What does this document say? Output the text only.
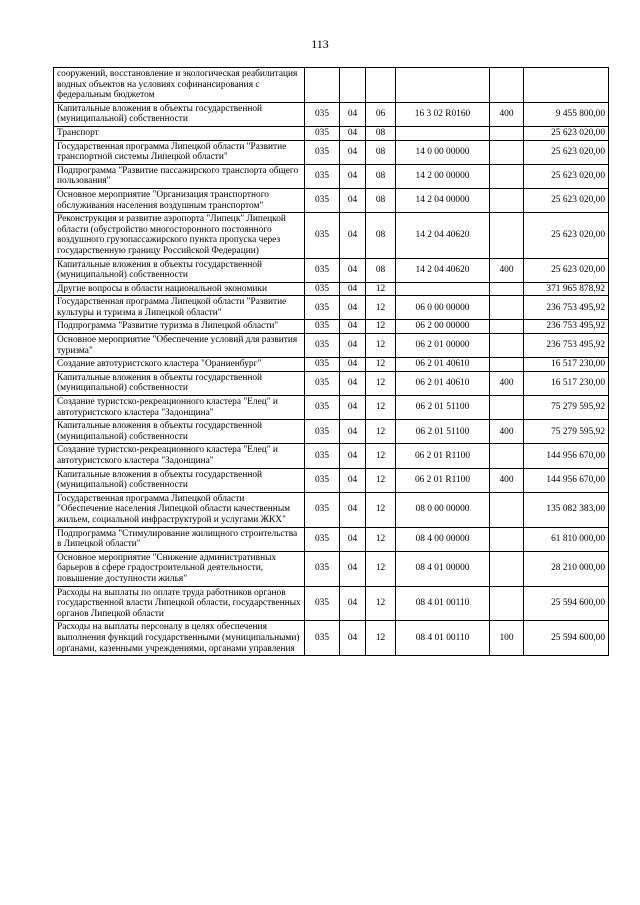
113
сооружений, восстановление и экологическая реабилитация водных объектов на условиях софинансирования с федеральным бюджетом						
Капитальные вложения в объекты государственной (муниципальной) собственности	035	04	06	16 3 02 R0160	400	9 455 800,00
Транспорт	035	04	08			25 623 020,00
Государственная программа Липецкой области "Развитие транспортной системы Липецкой области"	035	04	08	14 0 00 00000		25 623 020,00
Подпрограмма "Развитие пассажирского транспорта общего пользования"	035	04	08	14 2 00 00000		25 623 020,00
Основное мероприятие "Организация транспортного обслуживания населения воздушным транспортом"	035	04	08	14 2 04 00000		25 623 020,00
Реконструкция и развитие аэропорта "Липецк" Липецкой области (обустройство многосторонного постоянного воздушного грузопассажирского пункта пропуска через государственную границу Российской Федерации)	035	04	08	14 2 04 40620		25 623 020,00
Капитальные вложения в объекты государственной (муниципальной) собственности	035	04	08	14 2 04 40620	400	25 623 020,00
Другие вопросы в области национальной экономики	035	04	12			371 965 878,92
Государственная программа Липецкой области "Развитие культуры и туризма в Липецкой области"	035	04	12	06 0 00 00000		236 753 495,92
Подпрограмма "Развитие туризма в Липецкой области"	035	04	12	06 2 00 00000		236 753 495,92
Основное мероприятие "Обеспечение условий для развития туризма"	035	04	12	06 2 01 00000		236 753 495,92
Создание автотуристского кластера "Ораниенбург"	035	04	12	06 2 01 40610		16 517 230,00
Капитальные вложения в объекты государственной (муниципальной) собственности	035	04	12	06 2 01 40610	400	16 517 230,00
Создание туристско-рекреационного кластера "Елец" и автотуристского кластера "Задонщина"	035	04	12	06 2 01 51100		75 279 595,92
Капитальные вложения в объекты государственной (муниципальной) собственности	035	04	12	06 2 01 51100	400	75 279 595,92
Создание туристско-рекреационного кластера "Елец" и автотуристского кластера "Задонщина"	035	04	12	06 2 01 R1100		144 956 670,00
Капитальные вложения в объекты государственной (муниципальной) собственности	035	04	12	06 2 01 R1100	400	144 956 670,00
Государственная программа Липецкой области "Обеспечение населения Липецкой области качественным жильем, социальной инфраструктурой и услугами ЖКХ"	035	04	12	08 0 00 00000		135 082 383,00
Подпрограмма "Стимулирование жилищного строительства в Липецкой области"	035	04	12	08 4 00 00000		61 810 000,00
Основное мероприятие "Снижение административных барьеров в сфере градостроительной деятельности, повышение доступности жилья"	035	04	12	08 4 01 00000		28 210 000,00
Расходы на выплаты по оплате труда работников органов государственной власти Липецкой области, государственных органов Липецкой области	035	04	12	08 4 01 00110		25 594 600,00
Расходы на выплаты персоналу в целях обеспечения выполнения функций государственными (муниципальными) органами, казенными учреждениями, органами управления	035	04	12	08 4 01 00110	100	25 594 600,00
